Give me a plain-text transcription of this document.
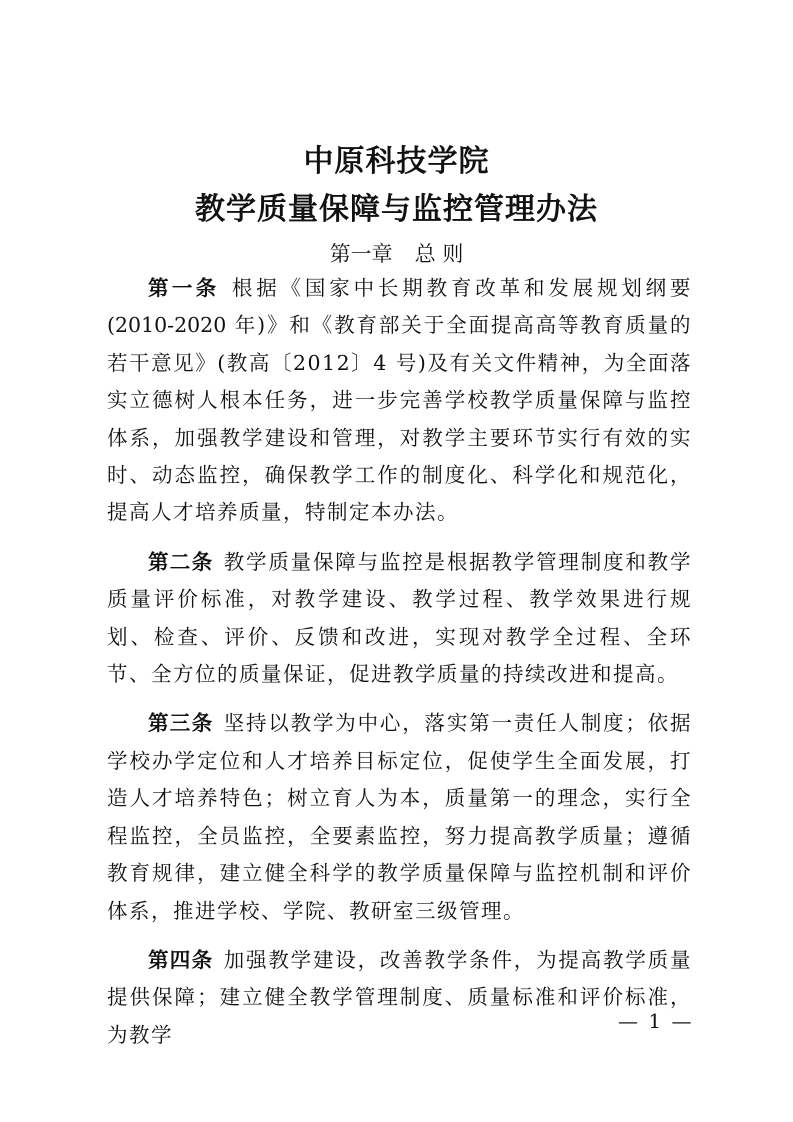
中原科技学院
教学质量保障与监控管理办法
第一章 总 则

第一条 根据《国家中长期教育改革和发展规划纲要(2010-2020 年)》和《教育部关于全面提高高等教育质量的若干意见》(教高〔2012〕4 号)及有关文件精神，为全面落实立德树人根本任务，进一步完善学校教学质量保障与监控体系，加强教学建设和管理，对教学主要环节实行有效的实时、动态监控，确保教学工作的制度化、科学化和规范化，提高人才培养质量，特制定本办法。

第二条 教学质量保障与监控是根据教学管理制度和教学质量评价标准，对教学建设、教学过程、教学效果进行规划、检查、评价、反馈和改进，实现对教学全过程、全环节、全方位的质量保证，促进教学质量的持续改进和提高。

第三条 坚持以教学为中心，落实第一责任人制度；依据学校办学定位和人才培养目标定位，促使学生全面发展，打造人才培养特色；树立育人为本，质量第一的理念，实行全程监控，全员监控，全要素监控，努力提高教学质量；遵循教育规律，建立健全科学的教学质量保障与监控机制和评价体系，推进学校、学院、教研室三级管理。

第四条 加强教学建设，改善教学条件，为提高教学质量提供保障；建立健全教学管理制度、质量标准和评价标准，为教学

— 1 —
